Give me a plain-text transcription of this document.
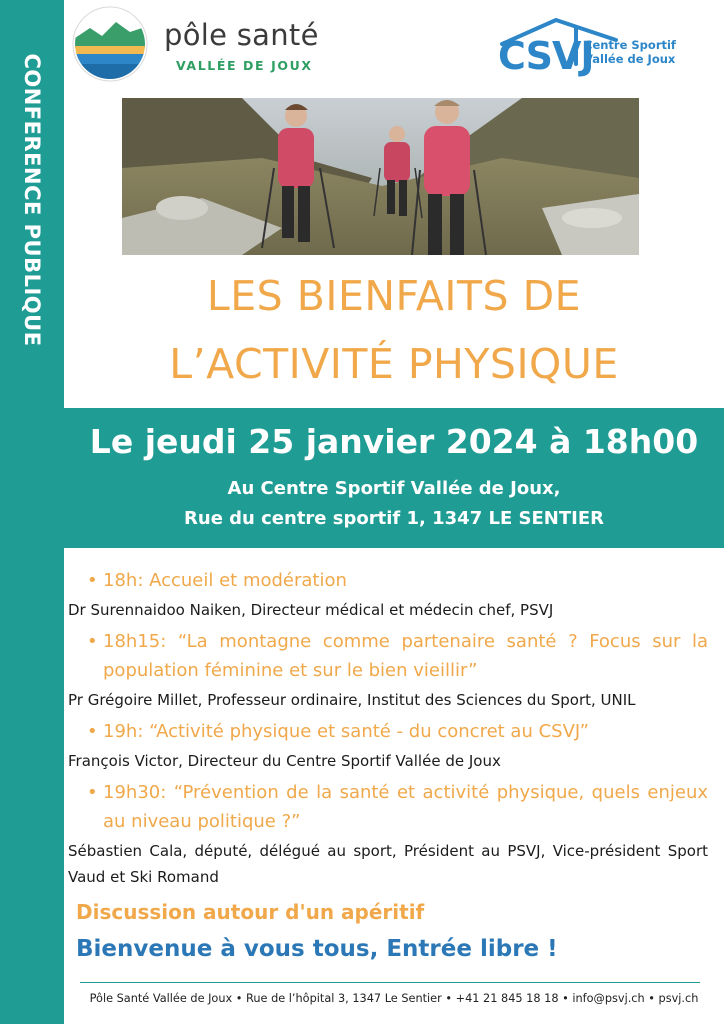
CONFERENCE PUBLIQUE
pôle santé
VALLÉE DE JOUX	CSVJ
Centre Sportif
Vallée de Joux
LES BIENFAITS DE
L’ACTIVITÉ PHYSIQUE
Le jeudi 25 janvier 2024 à 18h00
Au Centre Sportif Vallée de Joux,
Rue du centre sportif 1, 1347 LE SENTIER
• 18h: Accueil et modération
Dr Surennaidoo Naiken, Directeur médical et médecin chef, PSVJ
• 18h15: “La montagne comme partenaire santé ? Focus sur la population féminine et sur le bien vieillir”
Pr Grégoire Millet, Professeur ordinaire, Institut des Sciences du Sport, UNIL
• 19h: “Activité physique et santé - du concret au CSVJ”
François Victor, Directeur du Centre Sportif Vallée de Joux
• 19h30: “Prévention de la santé et activité physique, quels enjeux au niveau politique ?”
Sébastien Cala, député, délégué au sport, Président au PSVJ, Vice-président Sport Vaud et Ski Romand
Discussion autour d'un apéritif
Bienvenue à vous tous, Entrée libre !
Pôle Santé Vallée de Joux • Rue de l’hôpital 3, 1347 Le Sentier • +41 21 845 18 18 • info@psvj.ch • psvj.ch
